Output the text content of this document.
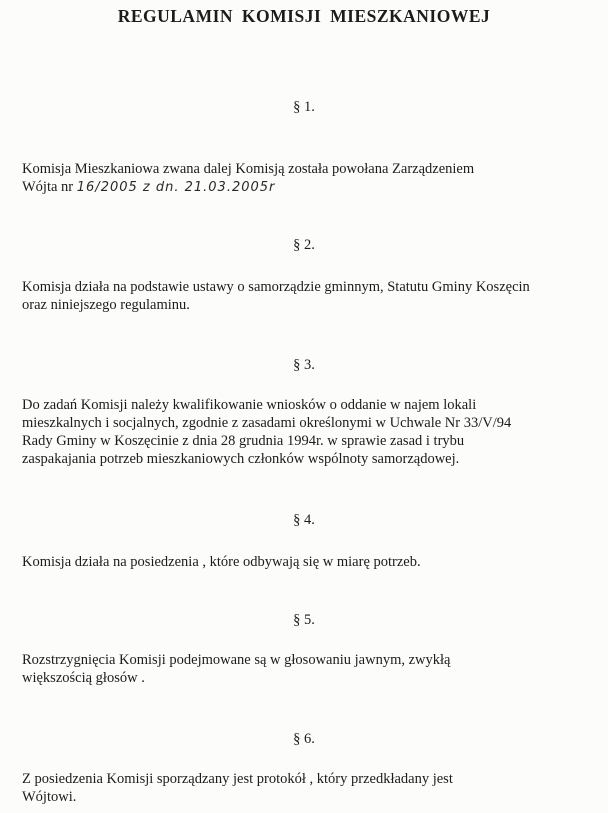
REGULAMIN KOMISJI MIESZKANIOWEJ
§ 1.
Komisja Mieszkaniowa zwana dalej Komisją została powołana Zarządzeniem
Wójta nr 16/2005 z dn. 21.03.2005r
§ 2.
Komisja działa na podstawie ustawy o samorządzie gminnym, Statutu Gminy Koszęcin
oraz niniejszego regulaminu.
§ 3.
Do zadań Komisji należy kwalifikowanie wniosków o oddanie w najem lokali
mieszkalnych i socjalnych, zgodnie z zasadami określonymi w Uchwale Nr 33/V/94
Rady Gminy w Koszęcinie z dnia 28 grudnia 1994r. w sprawie zasad i trybu
zaspakajania potrzeb mieszkaniowych członków wspólnoty samorządowej.
§ 4.
Komisja działa na posiedzenia , które odbywają się w miarę potrzeb.
§ 5.
Rozstrzygnięcia Komisji podejmowane są w głosowaniu jawnym, zwykłą
większością głosów .
§ 6.
Z posiedzenia Komisji sporządzany jest protokół , który przedkładany jest
Wójtowi.
